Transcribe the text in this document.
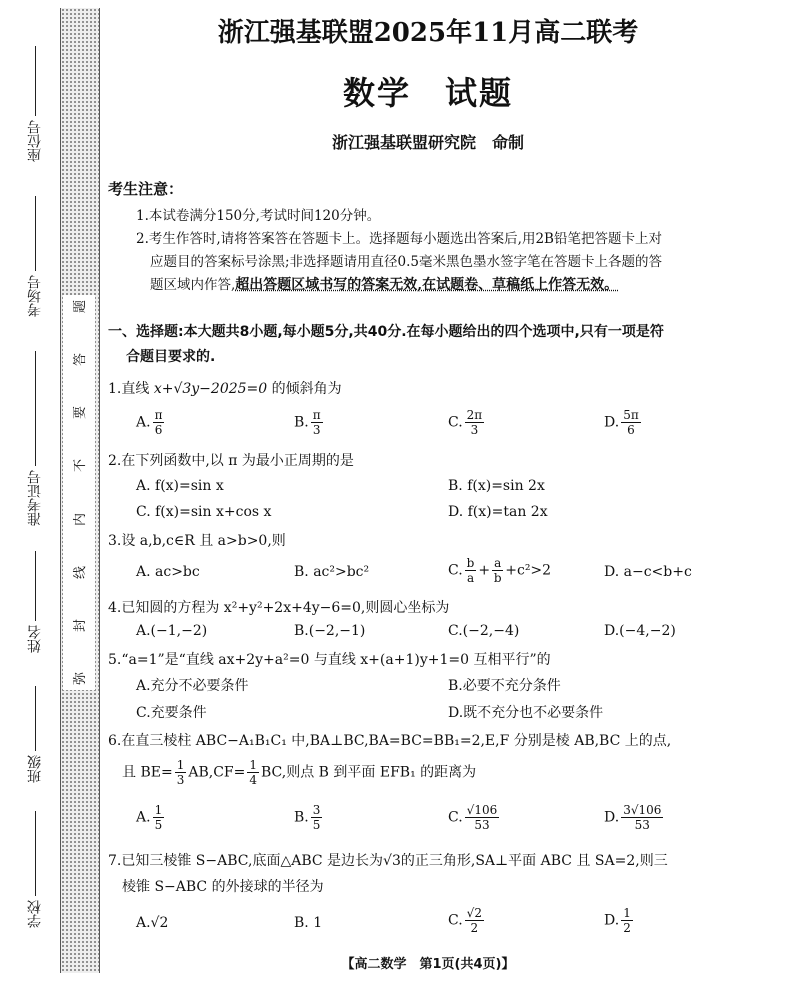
座位号
考场号
准考证号
姓名
班级
学校
题
答
要
不
内
线
封
弥
浙江强基联盟2025年11月高二联考
数学　试题
浙江强基联盟研究院　命制
考生注意：
1.本试卷满分150分,考试时间120分钟。
2.考生作答时,请将答案答在答题卡上。选择题每小题选出答案后,用2B铅笔把答题卡上对
应题目的答案标号涂黑;非选择题请用直径0.5毫米黑色墨水签字笔在答题卡上各题的答
题区域内作答,超出答题区域书写的答案无效,在试题卷、草稿纸上作答无效。
一、选择题:本大题共8小题,每小题5分,共40分.在每小题给出的四个选项中,只有一项是符
合题目要求的.
1.直线 x+√3y−2025=0 的倾斜角为
A. $\frac{\pi}{6}$	B. $\frac{\pi}{3}$	C. $\frac{2\pi}{3}$	D. $\frac{5\pi}{6}$
2.在下列函数中,以 π 为最小正周期的是
A. f(x)=sin x	B. f(x)=sin 2x
C. f(x)=sin x+cos x	D. f(x)=tan 2x
3.设 a,b,c∈R 且 a>b>0,则
A. ac>bc	B. ac²>bc²	C. $\frac{b}{a} + \frac{a}{b} +c^2>2$	D. a−c<b+c
4.已知圆的方程为 x²+y²+2x+4y−6=0,则圆心坐标为
A.(−1,−2)	B.(−2,−1)	C.(−2,−4)	D.(−4,−2)
5.“a=1”是“直线 ax+2y+a²=0 与直线 x+(a+1)y+1=0 互相平行”的
A.充分不必要条件	B.必要不充分条件
C.充要条件	D.既不充分也不必要条件
6.在直三棱柱 ABC−A₁B₁C₁ 中,BA⊥BC,BA=BC=BB₁=2,E,F 分别是棱 AB,BC 上的点,
且 $BE= \frac{1}{3} AB,CF= \frac{1}{4}$ BC,则点 B 到平面 EFB₁ 的距离为
A. $\frac{1}{5}$	B. $\frac{3}{5}$	C. $\frac{√106}{53}$	D. $\frac{3√106}{53}$
7.已知三棱锥 S−ABC,底面△ABC 是边长为√3的正三角形,SA⊥平面 ABC 且 SA=2,则三
棱锥 S−ABC 的外接球的半径为
A.√2	B. 1	C. $\frac{√2}{2}$	D. $\frac{1}{2}$
【高二数学　第1页(共4页)】
